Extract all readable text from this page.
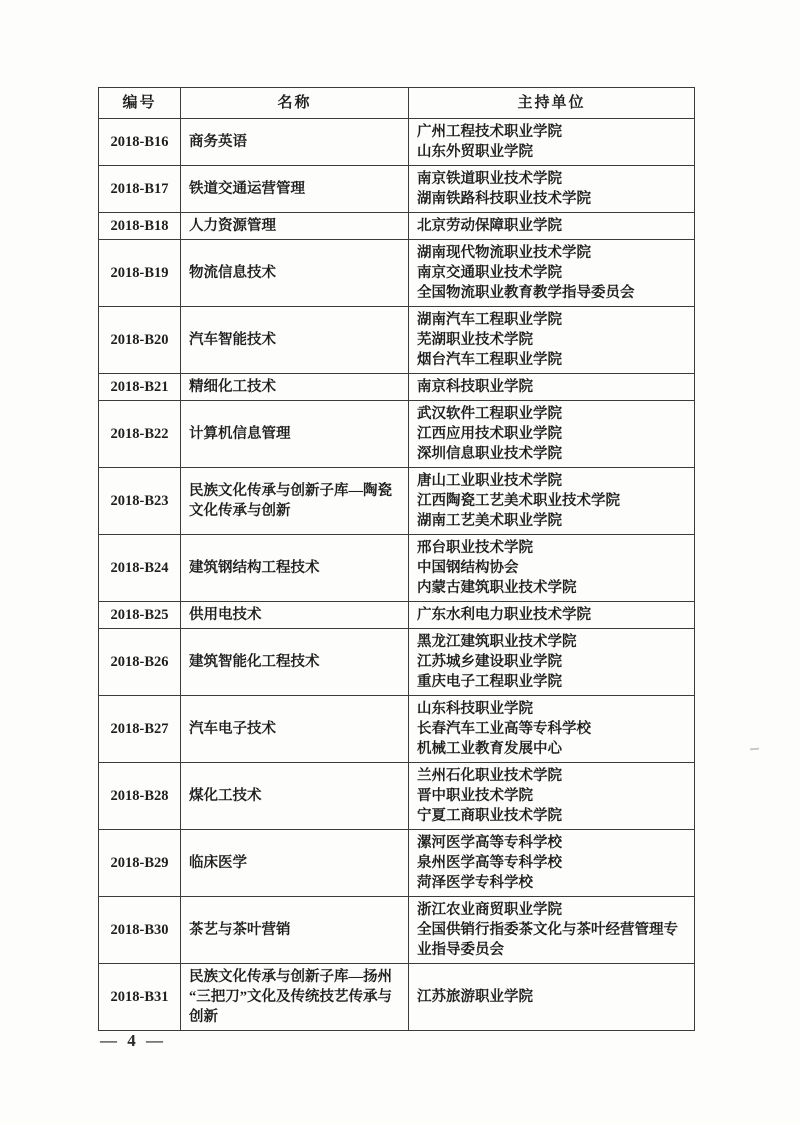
编号	名称	主持单位
2018-B16	商务英语	广州工程技术职业学院
山东外贸职业学院

2018-B17	铁道交通运营管理	南京铁道职业技术学院
湖南铁路科技职业技术学院

2018-B18	人力资源管理	北京劳动保障职业学院

2018-B19	物流信息技术	湖南现代物流职业技术学院
南京交通职业技术学院
全国物流职业教育教学指导委员会

2018-B20	汽车智能技术	湖南汽车工程职业学院
芜湖职业技术学院
烟台汽车工程职业学院

2018-B21	精细化工技术	南京科技职业学院

2018-B22	计算机信息管理	武汉软件工程职业学院
江西应用技术职业学院
深圳信息职业技术学院

2018-B23	民族文化传承与创新子库—陶瓷文化传承与创新	唐山工业职业技术学院
江西陶瓷工艺美术职业技术学院
湖南工艺美术职业学院

2018-B24	建筑钢结构工程技术	邢台职业技术学院
中国钢结构协会
内蒙古建筑职业技术学院

2018-B25	供用电技术	广东水利电力职业技术学院

2018-B26	建筑智能化工程技术	黑龙江建筑职业技术学院
江苏城乡建设职业学院
重庆电子工程职业学院

2018-B27	汽车电子技术	山东科技职业学院
长春汽车工业高等专科学校
机械工业教育发展中心

2018-B28	煤化工技术	兰州石化职业技术学院
晋中职业技术学院
宁夏工商职业技术学院

2018-B29	临床医学	漯河医学高等专科学校
泉州医学高等专科学校
菏泽医学专科学校

2018-B30	茶艺与茶叶营销	浙江农业商贸职业学院
全国供销行指委茶文化与茶叶经营管理专业指导委员会

2018-B31	民族文化传承与创新子库—扬州“三把刀”文化及传统技艺传承与创新	江苏旅游职业学院
— 4 —
